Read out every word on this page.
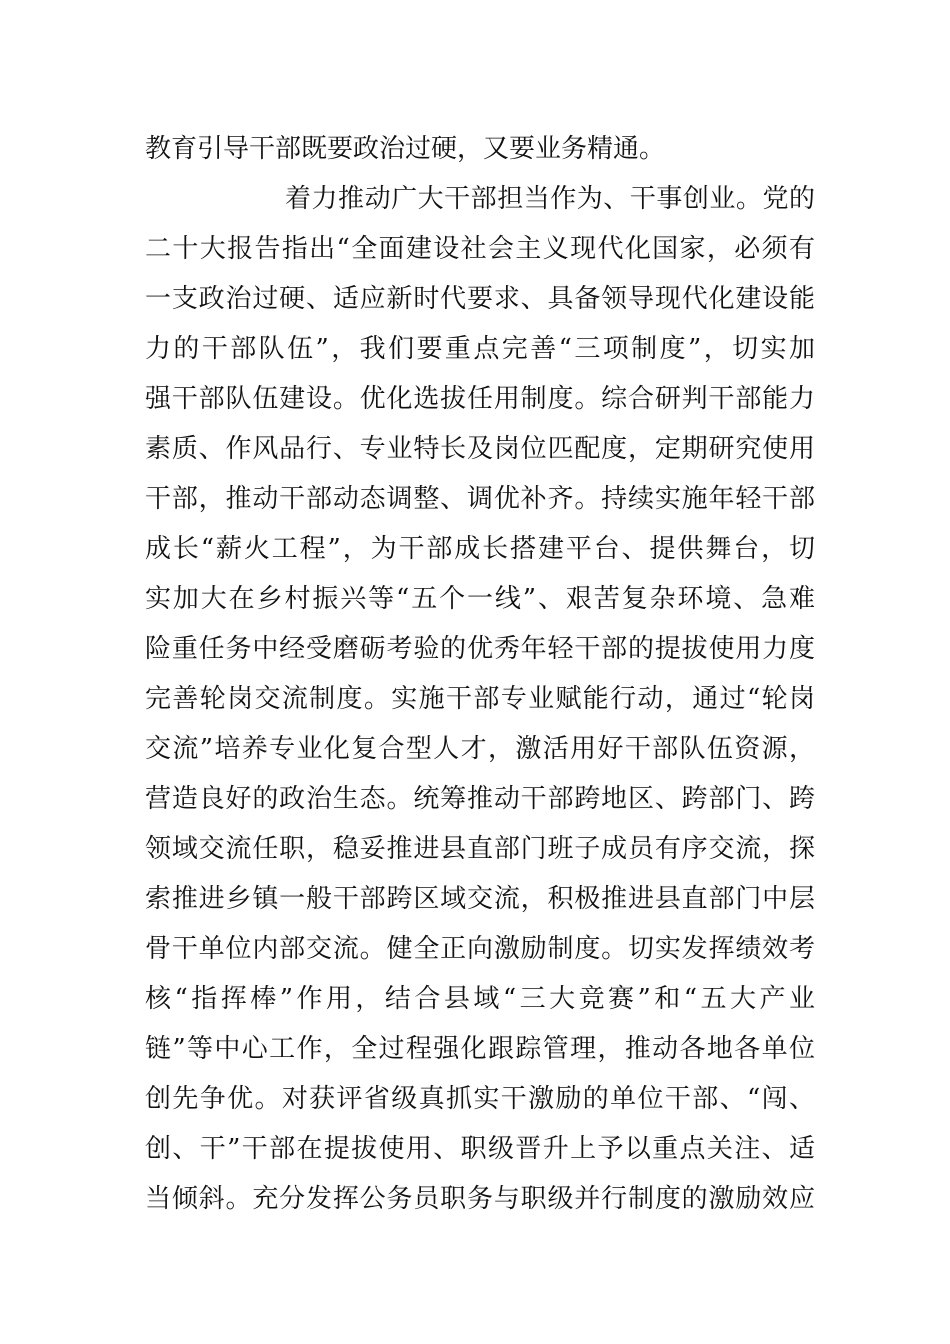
教育引导干部既要政治过硬，又要业务精通。
着力推动广大干部担当作为、干事创业。党的
二十大报告指出“全面建设社会主义现代化国家，必须有
一支政治过硬、适应新时代要求、具备领导现代化建设能
力的干部队伍”，我们要重点完善“三项制度”，切实加
强干部队伍建设。优化选拔任用制度。综合研判干部能力
素质、作风品行、专业特长及岗位匹配度，定期研究使用
干部，推动干部动态调整、调优补齐。持续实施年轻干部
成长“薪火工程”，为干部成长搭建平台、提供舞台，切
实加大在乡村振兴等“五个一线”、艰苦复杂环境、急难
险重任务中经受磨砺考验的优秀年轻干部的提拔使用力度
完善轮岗交流制度。实施干部专业赋能行动，通过“轮岗
交流”培养专业化复合型人才，激活用好干部队伍资源，
营造良好的政治生态。统筹推动干部跨地区、跨部门、跨
领域交流任职，稳妥推进县直部门班子成员有序交流，探
索推进乡镇一般干部跨区域交流，积极推进县直部门中层
骨干单位内部交流。健全正向激励制度。切实发挥绩效考
核“指挥棒”作用，结合县域“三大竞赛”和“五大产业
链”等中心工作，全过程强化跟踪管理，推动各地各单位
创先争优。对获评省级真抓实干激励的单位干部、“闯、
创、干”干部在提拔使用、职级晋升上予以重点关注、适
当倾斜。充分发挥公务员职务与职级并行制度的激励效应
